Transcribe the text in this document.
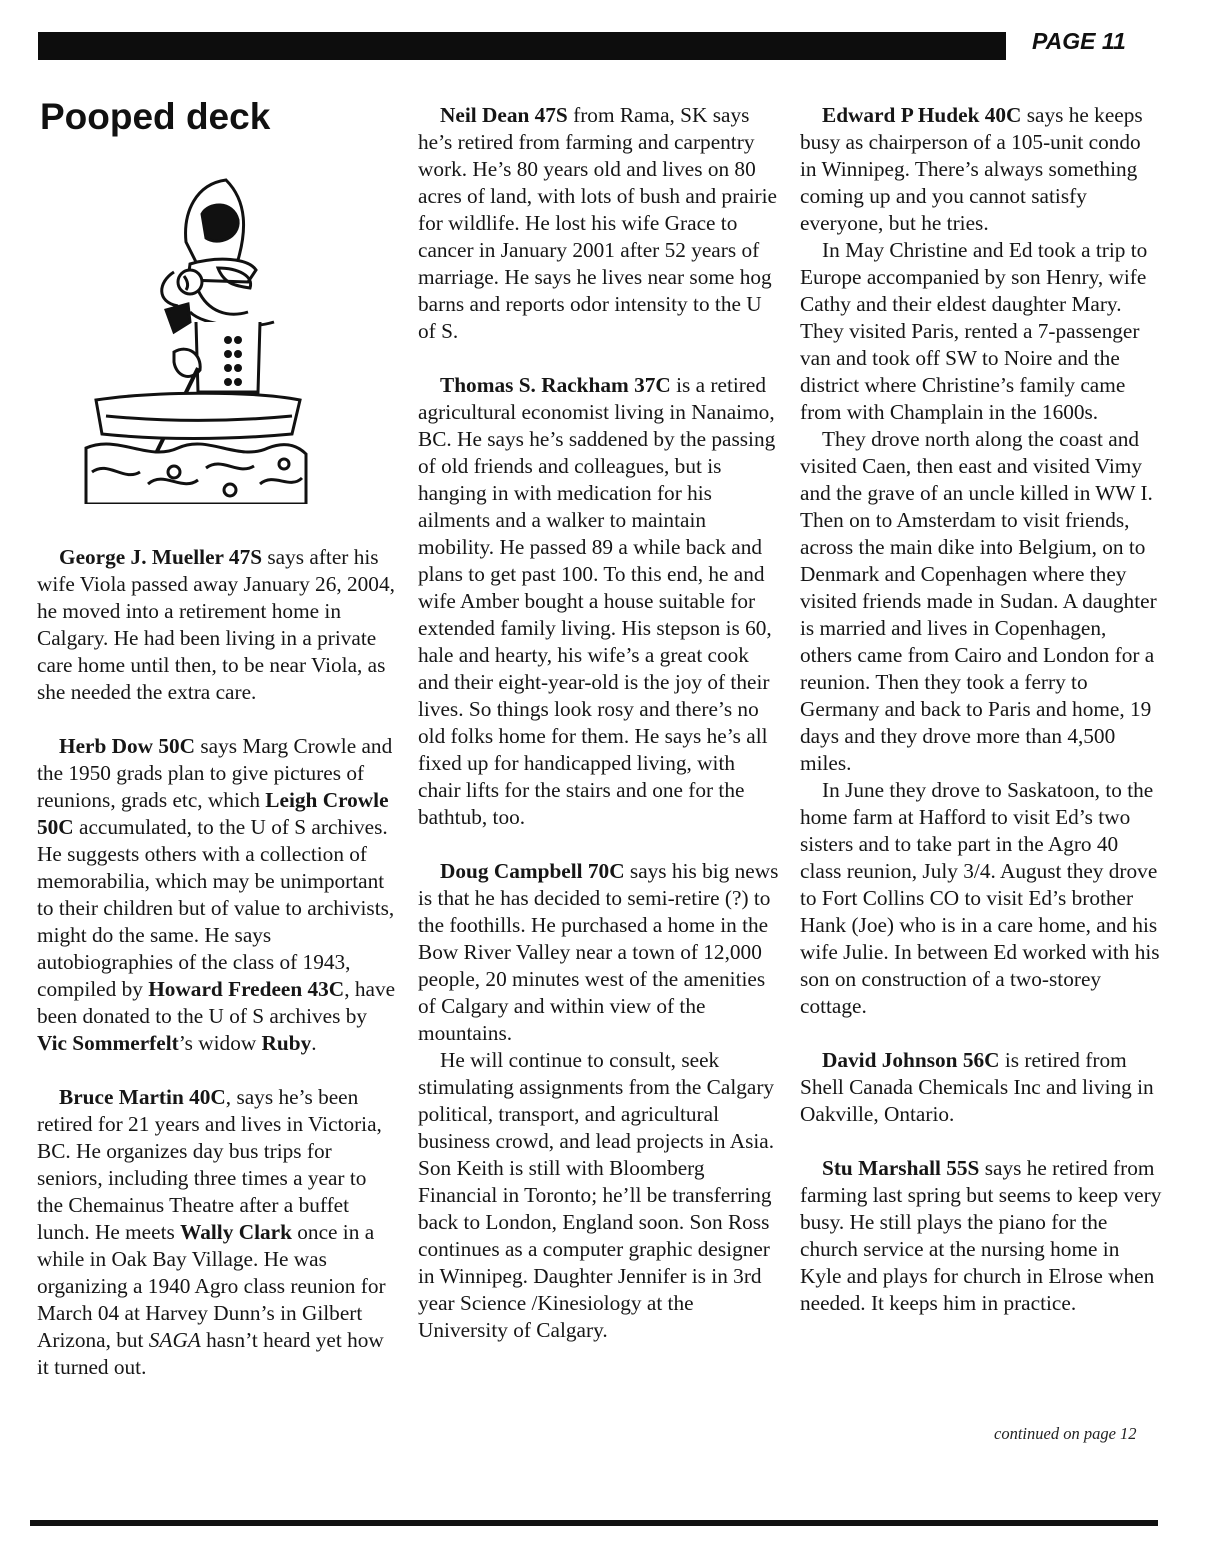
PAGE 11
Pooped deck

George J. Mueller 47S says after his wife Viola passed away January 26, 2004, he moved into a retirement home in Calgary. He had been living in a private care home until then, to be near Viola, as she needed the extra care.

Herb Dow 50C says Marg Crowle and the 1950 grads plan to give pictures of reunions, grads etc, which Leigh Crowle 50C accumulated, to the U of S archives. He suggests others with a collection of memorabilia, which may be unimportant to their children but of value to archivists, might do the same. He says autobiographies of the class of 1943, compiled by Howard Fredeen 43C, have been donated to the U of S archives by Vic Sommerfelt’s widow Ruby.

Bruce Martin 40C, says he’s been retired for 21 years and lives in Victoria, BC. He organizes day bus trips for seniors, including three times a year to the Chemainus Theatre after a buffet lunch. He meets Wally Clark once in a while in Oak Bay Village. He was organizing a 1940 Agro class reunion for March 04 at Harvey Dunn’s in Gilbert Arizona, but SAGA hasn’t heard yet how it turned out.

Neil Dean 47S from Rama, SK says he’s retired from farming and carpentry work. He’s 80 years old and lives on 80 acres of land, with lots of bush and prairie for wildlife. He lost his wife Grace to cancer in January 2001 after 52 years of marriage. He says he lives near some hog barns and reports odor intensity to the U of S.

Thomas S. Rackham 37C is a retired agricultural economist living in Nanaimo, BC. He says he’s saddened by the passing of old friends and colleagues, but is hanging in with medication for his ailments and a walker to maintain mobility. He passed 89 a while back and plans to get past 100. To this end, he and wife Amber bought a house suitable for extended family living. His stepson is 60, hale and hearty, his wife’s a great cook and their eight-year-old is the joy of their lives. So things look rosy and there’s no old folks home for them. He says he’s all fixed up for handicapped living, with chair lifts for the stairs and one for the bathtub, too.

Doug Campbell 70C says his big news is that he has decided to semi-retire (?) to the foothills. He purchased a home in the Bow River Valley near a town of 12,000 people, 20 minutes west of the amenities of Calgary and within view of the mountains.

He will continue to consult, seek stimulating assignments from the Calgary political, transport, and agricultural business crowd, and lead projects in Asia. Son Keith is still with Bloomberg Financial in Toronto; he’ll be transferring back to London, England soon. Son Ross continues as a computer graphic designer in Winnipeg. Daughter Jennifer is in 3rd year Science /Kinesiology at the University of Calgary.

Edward P Hudek 40C says he keeps busy as chairperson of a 105-unit condo in Winnipeg. There’s always something coming up and you cannot satisfy everyone, but he tries.

In May Christine and Ed took a trip to Europe accompanied by son Henry, wife Cathy and their eldest daughter Mary. They visited Paris, rented a 7-passenger van and took off SW to Noire and the district where Christine’s family came from with Champlain in the 1600s.

They drove north along the coast and visited Caen, then east and visited Vimy and the grave of an uncle killed in WW I. Then on to Amsterdam to visit friends, across the main dike into Belgium, on to Denmark and Copenhagen where they visited friends made in Sudan. A daughter is married and lives in Copenhagen, others came from Cairo and London for a reunion. Then they took a ferry to Germany and back to Paris and home, 19 days and they drove more than 4,500 miles.

In June they drove to Saskatoon, to the home farm at Hafford to visit Ed’s two sisters and to take part in the Agro 40 class reunion, July 3/4. August they drove to Fort Collins CO to visit Ed’s brother Hank (Joe) who is in a care home, and his wife Julie. In between Ed worked with his son on construction of a two-storey cottage.

David Johnson 56C is retired from Shell Canada Chemicals Inc and living in Oakville, Ontario.

Stu Marshall 55S says he retired from farming last spring but seems to keep very busy. He still plays the piano for the church service at the nursing home in Kyle and plays for church in Elrose when needed. It keeps him in practice.

continued on page 12
